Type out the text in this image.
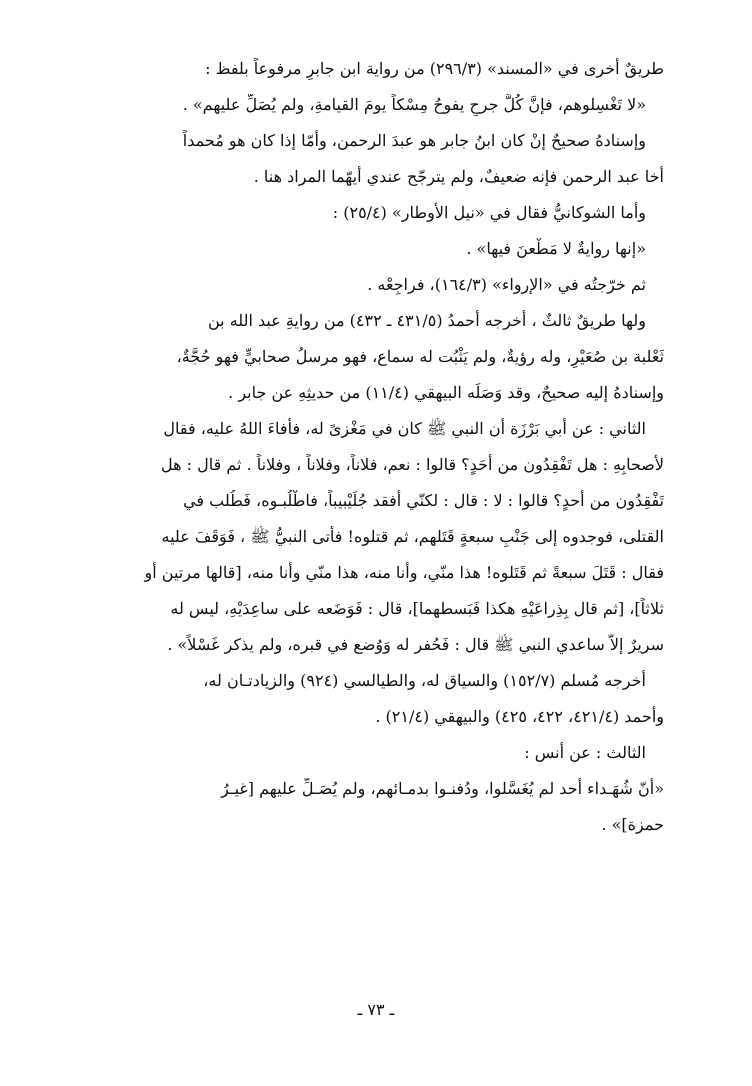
طريقٌ أخرى في «المسند» (٢٩٦/٣) من رواية ابن جابرٍ مرفوعاً بلفظ :
«لا تَغْسِلوهم، فإنَّ كُلَّ جرحٍ يفوحُ مِسْكاً يومَ القيامةِ، ولم يُصَلِّ عليهم» .
وإسنادهُ صحيحٌ إنْ كان ابنُ جابر هو عبدَ الرحمن، وأمّا إذا كان هو مُحمداً
أخا عبد الرحمن فإنه ضعيفٌ، ولم يترجّح عندي أيهّما المراد هنا .
وأما الشوكانيُّ فقال في «نيل الأوطار» (٢٥/٤) :
«إنها روايةٌ لا مَطْعنَ فيها» .
ثم خرّجتُه في «الإرواء» (١٦٤/٣)، فراجِعْه .
ولها طريقٌ ثالثٌ ، أخرجه أحمدُ (٤٣١/٥ ـ ٤٣٢) من روايةِ عبد الله بن
ثَعْلبة بن صُعَيْرٍ، وله رؤيةٌ، ولم يَثْبُت له سماع، فهو مرسلُ صحابيٍّ فهو حُجَّةٌ،
وإسنادهُ إليه صحيحٌ، وقد وَصَلَه البيهقي (١١/٤) من حديثِهِ عن جابر .
الثاني : عن أبي بَرْزَة أن النبي ﷺ كان في مَغْزىً له، فأفاءَ اللهُ عليه، فقال
لأصحابِهِ : هل تَفْقِدُون من أَحَدٍ؟ قالوا : نعم، فلاناً، وفلاناً ، وفلاناً . ثم قال : هل
تَفْقِدُون من أحدٍ؟ قالوا : لا : قال : لكنّي أفقد جُلَيْبيباً، فاطْلُبـوه، فَطُلب في
القتلى، فوجدوه إلى جَنْبِ سبعةٍ قَتَلهم، ثم قتلوه! فأتى النبيُّ ﷺ ، فَوَقَفَ عليه
فقال : قَتَلَ سبعةً ثم قَتَلوه! هذا منّي، وأنا منه، هذا منّي وأنا منه، [قالها مرتين أو
ثلاثاً]، [ثم قال بِذِراعَيْهِ هكذا فَبَسطهما]، قال : فَوَضَعه على ساعِدَيْهِ، ليس له
سريرٌ إلاّ ساعدي النبي ﷺ قال : فَحُفر له وَوُضع في قبره، ولم يذكر غَسْلاً» .
أخرجه مُسلم (١٥٢/٧) والسياق له، والطيالسي (٩٢٤) والزيادتـان له،
وأحمد (٤٢١/٤، ٤٢٢، ٤٢٥) والبيهقي (٢١/٤) .
الثالث : عن أَنس :
«أنّ شُهَـداء أُحد لم يُغَسَّلوا، ودُفنـوا بدمـائهم، ولم يُصَـلِّ عليهم [غيـرُ
حمزة]» .
ـ ٧٣ ـ
